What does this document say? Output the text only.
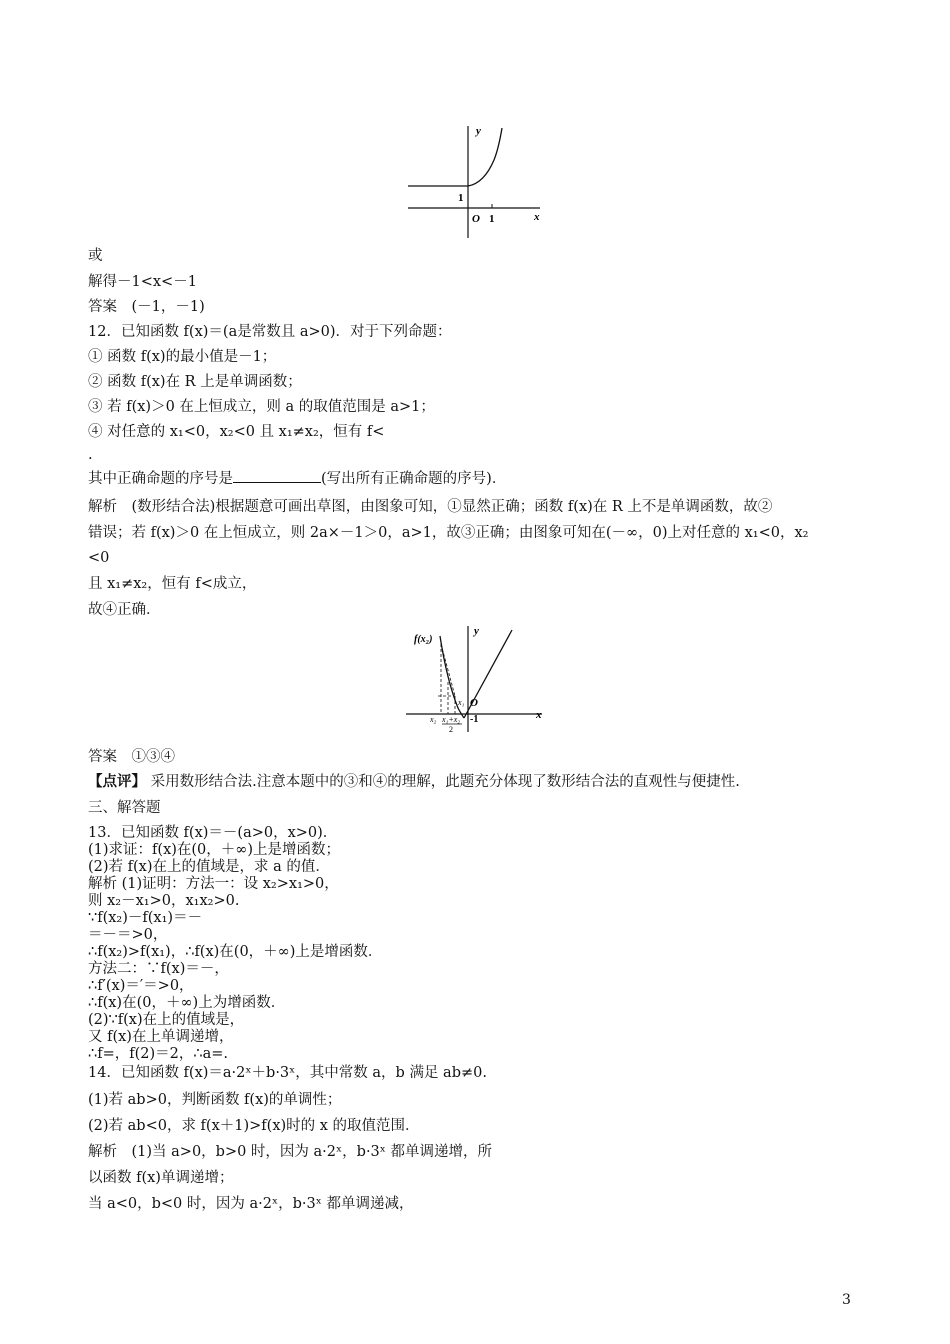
y
x
O 1
1
或
解得－1<x<－1
答案　(－1，－1)
12．已知函数 f(x)＝(a是常数且 a>0)．对于下列命题：
① 函数 f(x)的最小值是－1；
② 函数 f(x)在 R 上是单调函数；
③ 若 f(x)＞0 在上恒成立，则 a 的取值范围是 a>1；
④ 对任意的 x₁<0，x₂<0 且 x₁≠x₂，恒有 f<
.
其中正确命题的序号是	(写出所有正确命题的序号)．
解析　(数形结合法)根据题意可画出草图，由图象可知，①显然正确；函数 f(x)在 R 上不是单调函数，故②
错误；若 f(x)＞0 在上恒成立，则 2a×－1＞0，a>1，故③正确；由图象可知在(－∞，0)上对任意的 x₁<0，x₂
<0
且 x₁≠x₂，恒有 f<成立，
故④正确．
f(x₂)
y
x
O
x₁
-1
x₂ x₁+x₂
2
答案　①③④
【点评】 采用数形结合法.注意本题中的③和④的理解，此题充分体现了数形结合法的直观性与便捷性.
三、解答题
13．已知函数 f(x)＝－(a>0，x>0)．
(1)求证：f(x)在(0，＋∞)上是增函数；
(2)若 f(x)在上的值域是，求 a 的值．
解析 (1)证明：方法一：设 x₂>x₁>0，
则 x₂－x₁>0，x₁x₂>0.
∵f(x₂)－f(x₁)＝－
＝－＝>0，
∴f(x₂)>f(x₁)，∴f(x)在(0，＋∞)上是增函数．
方法二：∵f(x)＝－，
∴f′(x)＝′＝>0，
∴f(x)在(0，＋∞)上为增函数．
(2)∵f(x)在上的值域是，
又 f(x)在上单调递增，
∴f=，f(2)＝2，∴a=.
14．已知函数 f(x)＝a·2ˣ＋b·3ˣ，其中常数 a，b 满足 ab≠0.
(1)若 ab>0，判断函数 f(x)的单调性；
(2)若 ab<0，求 f(x＋1)>f(x)时的 x 的取值范围．
解析　(1)当 a>0，b>0 时，因为 a·2ˣ，b·3ˣ 都单调递增，所
以函数 f(x)单调递增；
当 a<0，b<0 时，因为 a·2ˣ，b·3ˣ 都单调递减，
3
